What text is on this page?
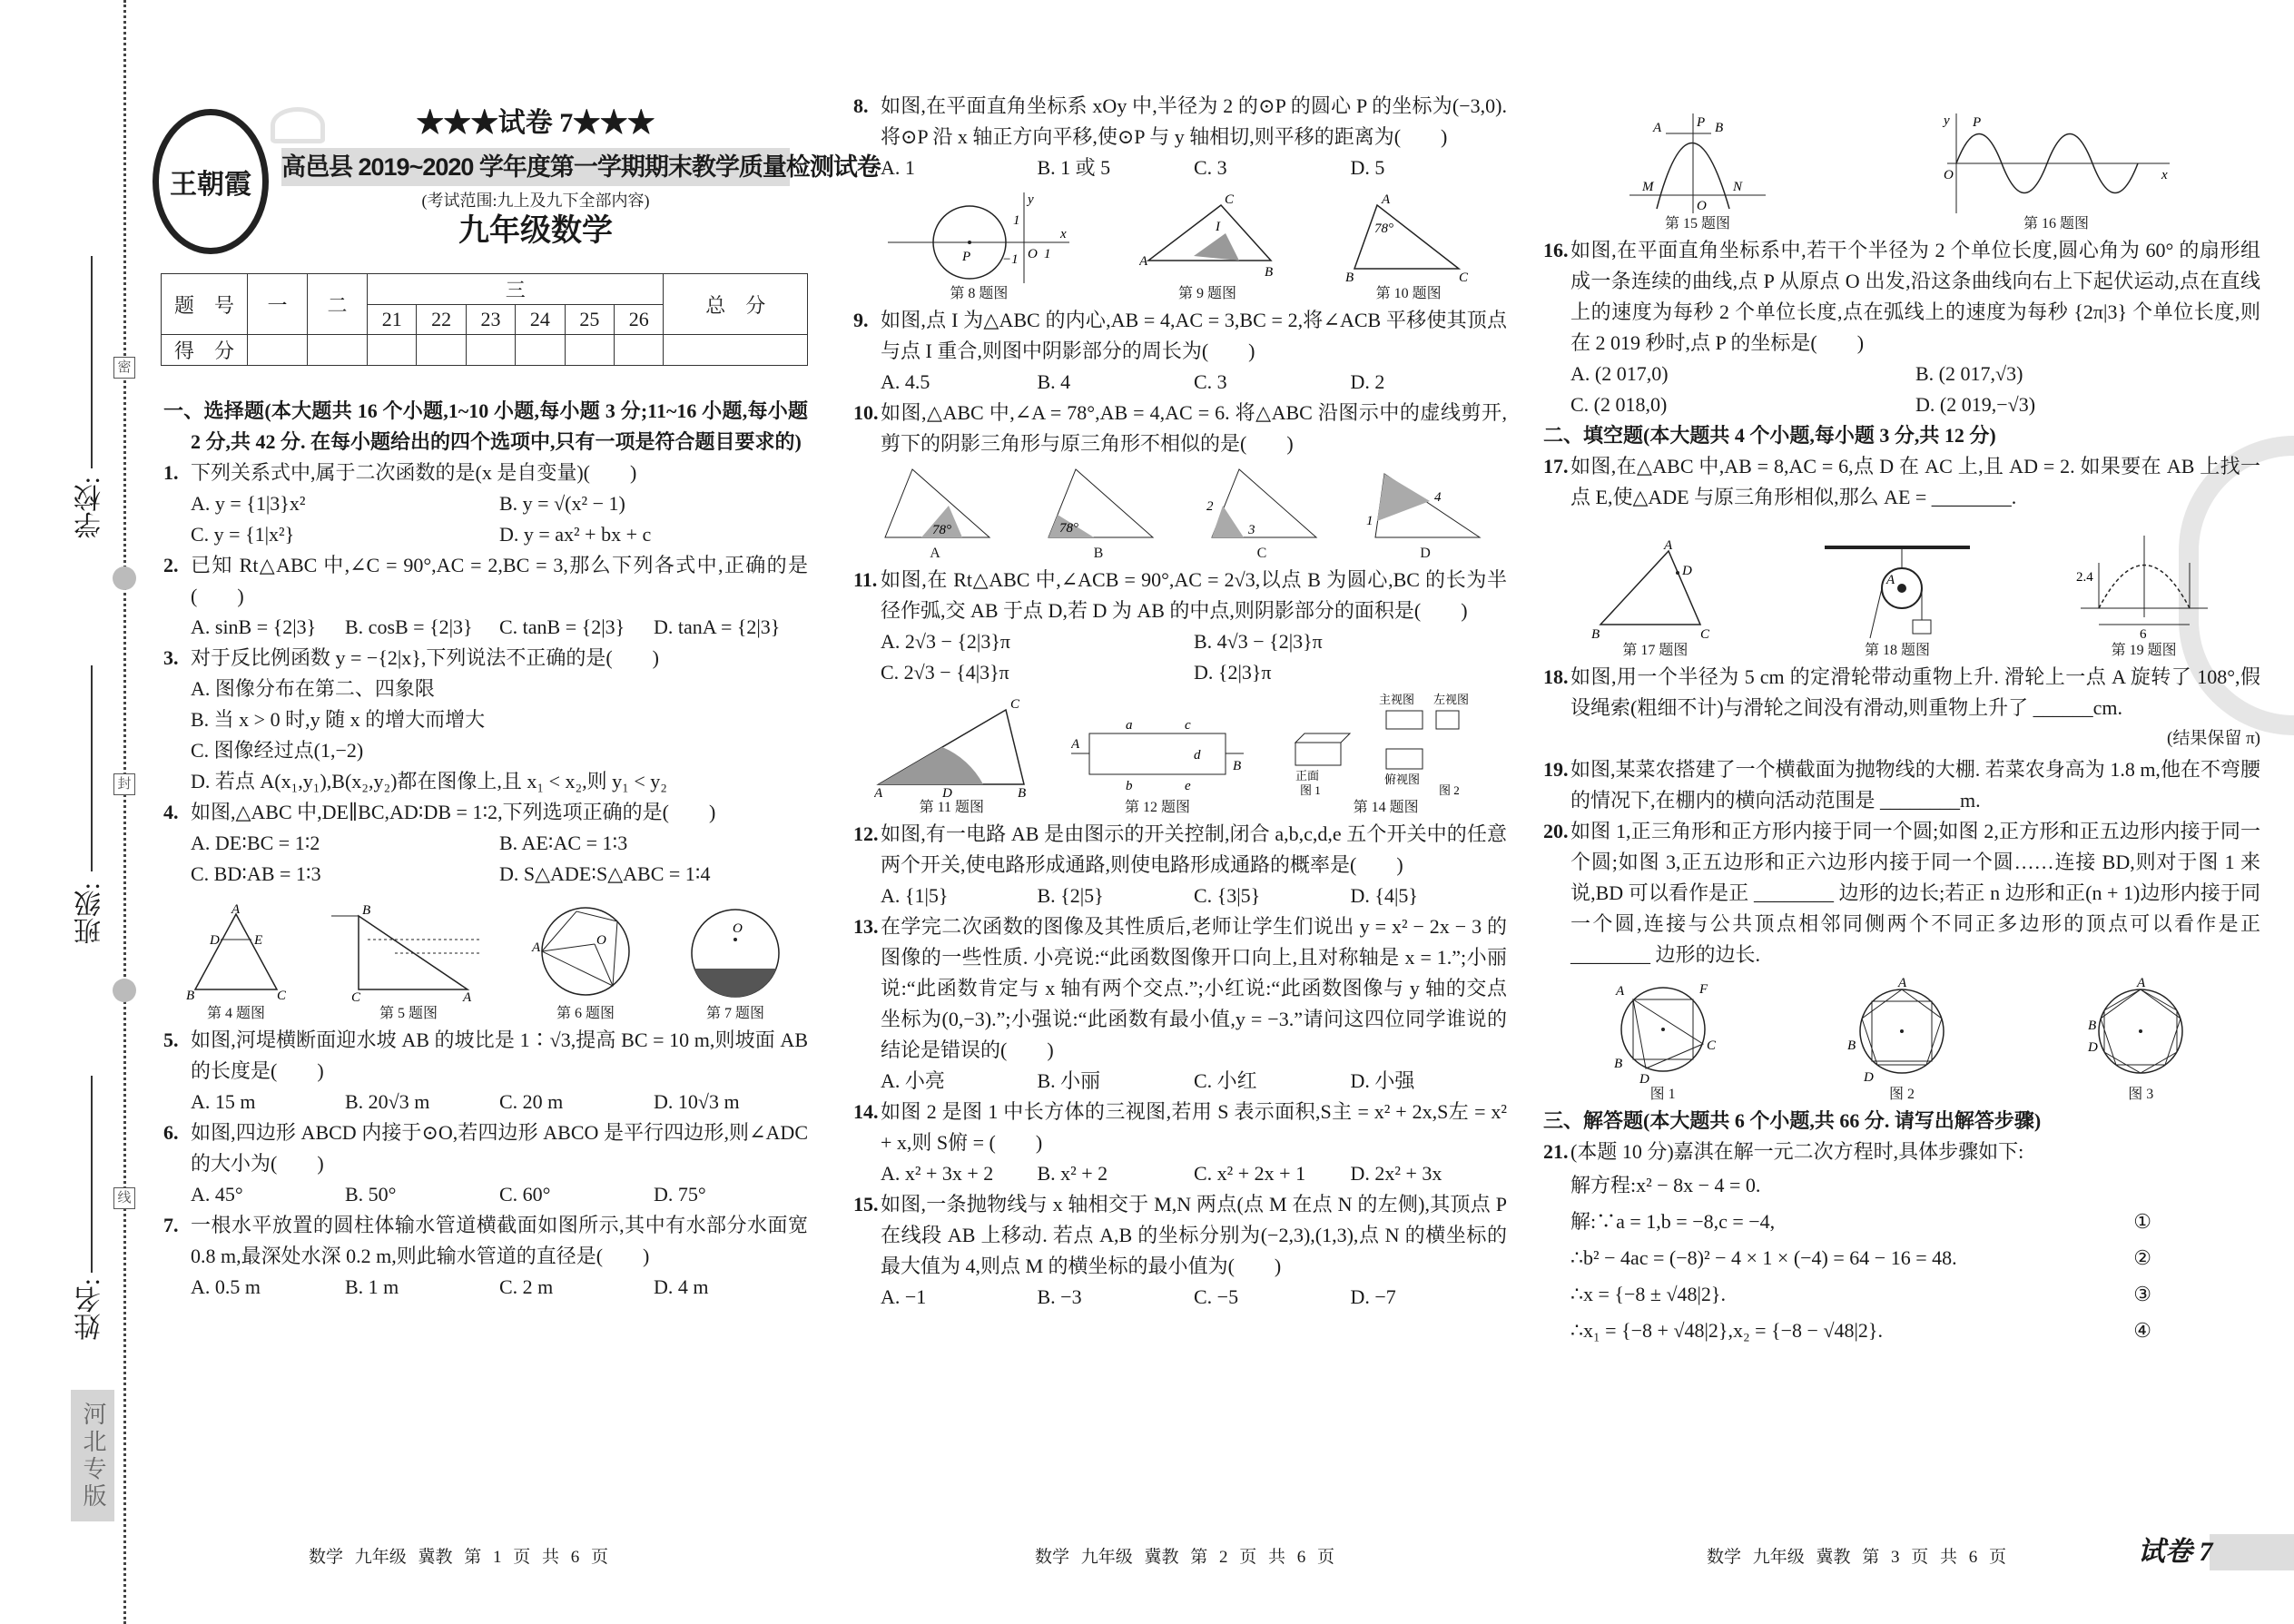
学校:
班级:
姓名:
密
封
线
河北专版
王朝霞
★★★试卷 7★★★
高邑县 2019~2020 学年度第一学期期末教学质量检测试卷
(考试范围:九上及九下全部内容)
九年级数学
题　号	一	二	三						总　分
			21	22	23	24	25	26	
得　分									
一、选择题(本大题共 16 个小题,1~10 小题,每小题 3 分;11~16 小题,每小题 2 分,共 42 分. 在每小题给出的四个选项中,只有一项是符合题目要求的)
1. 下列关系式中,属于二次函数的是(x 是自变量)(　　)
A. y = {1|3}x²	B. y = √(x² − 1)
C. y = {1|x²}	D. y = ax² + bx + c
2. 已知 Rt△ABC 中,∠C = 90°,AC = 2,BC = 3,那么下列各式中,正确的是(　　)
A. sinB = {2|3}	B. cosB = {2|3}	C. tanB = {2|3}	D. tanA = {2|3}
3. 对于反比例函数 y = −{2|x},下列说法不正确的是(　　)
A. 图像分布在第二、四象限
B. 当 x > 0 时,y 随 x 的增大而增大
C. 图像经过点(1,−2)
D. 若点 A(x₁,y₁),B(x₂,y₂)都在图像上,且 x₁ < x₂,则 y₁ < y₂
4. 如图,△ABC 中,DE∥BC,AD∶DB = 1∶2,下列选项正确的是(　　)
A. DE∶BC = 1∶2	B. AE∶AC = 1∶3
C. BD∶AB = 1∶3	D. S△ADE∶S△ABC = 1∶4
A
D	E
B	C
第 4 题图
B
C	A
第 5 题图
A	O
第 6 题图
O
第 7 题图
5. 如图,河堤横断面迎水坡 AB 的坡比是 1∶√3,提高 BC = 10 m,则坡面 AB 的长度是(　　)
A. 15 m	B. 20√3 m	C. 20 m	D. 10√3 m
6. 如图,四边形 ABCD 内接于⊙O,若四边形 ABCO 是平行四边形,则∠ADC 的大小为(　　)
A. 45°	B. 50°	C. 60°	D. 75°
7. 一根水平放置的圆柱体输水管道横截面如图所示,其中有水部分水面宽 0.8 m,最深处水深 0.2 m,则此输水管道的直径是(　　)
A. 0.5 m	B. 1 m	C. 2 m	D. 4 m
数学 九年级 冀教 第 1 页 共 6 页
8. 如图,在平面直角坐标系 xOy 中,半径为 2 的⊙P 的圆心 P 的坐标为(−3,0). 将⊙P 沿 x 轴正方向平移,使⊙P 与 y 轴相切,则平移的距离为(　　)
A. 1	B. 1 或 5	C. 3	D. 5
P
y
x
1
−1 O 1
第 8 题图
C
A
B
I
第 9 题图
A
B	C
78°
第 10 题图
9. 如图,点 I 为△ABC 的内心,AB = 4,AC = 3,BC = 2,将∠ACB 平移使其顶点与点 I 重合,则图中阴影部分的周长为(　　)
A. 4.5	B. 4	C. 3	D. 2
10. 如图,△ABC 中,∠A = 78°,AB = 4,AC = 6. 将△ABC 沿图示中的虚线剪开,剪下的阴影三角形与原三角形不相似的是(　　)
78°
A
78°
B
2
3
C
1
4
D
11. 如图,在 Rt△ABC 中,∠ACB = 90°,AC = 2√3,以点 B 为圆心,BC 的长为半径作弧,交 AB 于点 D,若 D 为 AB 的中点,则阴影部分的面积是(　　)
A. 2√3 − {2|3}π	B. 4√3 − {2|3}π
C. 2√3 − {4|3}π	D. {2|3}π
C
A	D	B
第 11 题图
A
B
a
b
c
d
e
第 12 题图
正面
图 1
主视图 左视图
俯视图
图 2
第 14 题图
12. 如图,有一电路 AB 是由图示的开关控制,闭合 a,b,c,d,e 五个开关中的任意两个开关,使电路形成通路,则使电路形成通路的概率是(　　)
A. {1|5}	B. {2|5}	C. {3|5}	D. {4|5}
13. 在学完二次函数的图像及其性质后,老师让学生们说出 y = x² − 2x − 3 的图像的一些性质. 小亮说:“此函数图像开口向上,且对称轴是 x = 1.”;小丽说:“此函数肯定与 x 轴有两个交点.”;小红说:“此函数图像与 y 轴的交点坐标为(0,−3).”;小强说:“此函数有最小值,y = −3.”请问这四位同学谁说的结论是错误的(　　)
A. 小亮	B. 小丽	C. 小红	D. 小强
14. 如图 2 是图 1 中长方体的三视图,若用 S 表示面积,S主 = x² + 2x,S左 = x² + x,则 S俯 = (　　)
A. x² + 3x + 2	B. x² + 2	C. x² + 2x + 1	D. 2x² + 3x
15. 如图,一条抛物线与 x 轴相交于 M,N 两点(点 M 在点 N 的左侧),其顶点 P 在线段 AB 上移动. 若点 A,B 的坐标分别为(−2,3),(1,3),点 N 的横坐标的最大值为 4,则点 M 的横坐标的最小值为(　　)
A. −1	B. −3	C. −5	D. −7
数学 九年级 冀教 第 2 页 共 6 页
A	B
P
M	N
O
第 15 题图
P
O
y
x
第 16 题图
16. 如图,在平面直角坐标系中,若干个半径为 2 个单位长度,圆心角为 60° 的扇形组成一条连续的曲线,点 P 从原点 O 出发,沿这条曲线向右上下起伏运动,点在直线上的速度为每秒 2 个单位长度,点在弧线上的速度为每秒 {2π|3} 个单位长度,则在 2 019 秒时,点 P 的坐标是(　　)
A. (2 017,0)	B. (2 017,√3)
C. (2 018,0)	D. (2 019,−√3)
二、填空题(本大题共 4 个小题,每小题 3 分,共 12 分)
17. 如图,在△ABC 中,AB = 8,AC = 6,点 D 在 AC 上,且 AD = 2. 如果要在 AB 上找一点 E,使△ADE 与原三角形相似,那么 AE = ________.
A
D
B	C
第 17 题图
A
第 18 题图
2.4
6
第 19 题图
18. 如图,用一个半径为 5 cm 的定滑轮带动重物上升. 滑轮上一点 A 旋转了 108°,假设绳索(粗细不计)与滑轮之间没有滑动,则重物上升了 ______cm.
(结果保留 π)
19. 如图,某菜农搭建了一个横截面为抛物线的大棚. 若菜农身高为 1.8 m,他在不弯腰的情况下,在棚内的横向活动范围是 ________m.
20. 如图 1,正三角形和正方形内接于同一个圆;如图 2,正方形和正五边形内接于同一个圆;如图 3,正五边形和正六边形内接于同一个圆……连接 BD,则对于图 1 来说,BD 可以看作是正 ________ 边形的边长;若正 n 边形和正(n + 1)边形内接于同一个圆,连接与公共顶点相邻同侧两个不同正多边形的顶点可以看作是正 ________ 边形的边长.
A	F
C
B
D
图 1
A
B
D
图 2
A
B
D
图 3
三、解答题(本大题共 6 个小题,共 66 分. 请写出解答步骤)
21. (本题 10 分)嘉淇在解一元二次方程时,具体步骤如下:
解方程:x² − 8x − 4 = 0.
解:∵a = 1,b = −8,c = −4,	①
∴b² − 4ac = (−8)² − 4 × 1 × (−4) = 64 − 16 = 48.	②
∴x = {−8 ± √48|2}.	③
∴x₁ = {−8 + √48|2},x₂ = {−8 − √48|2}.	④
数学 九年级 冀教 第 3 页 共 6 页	试卷 7
